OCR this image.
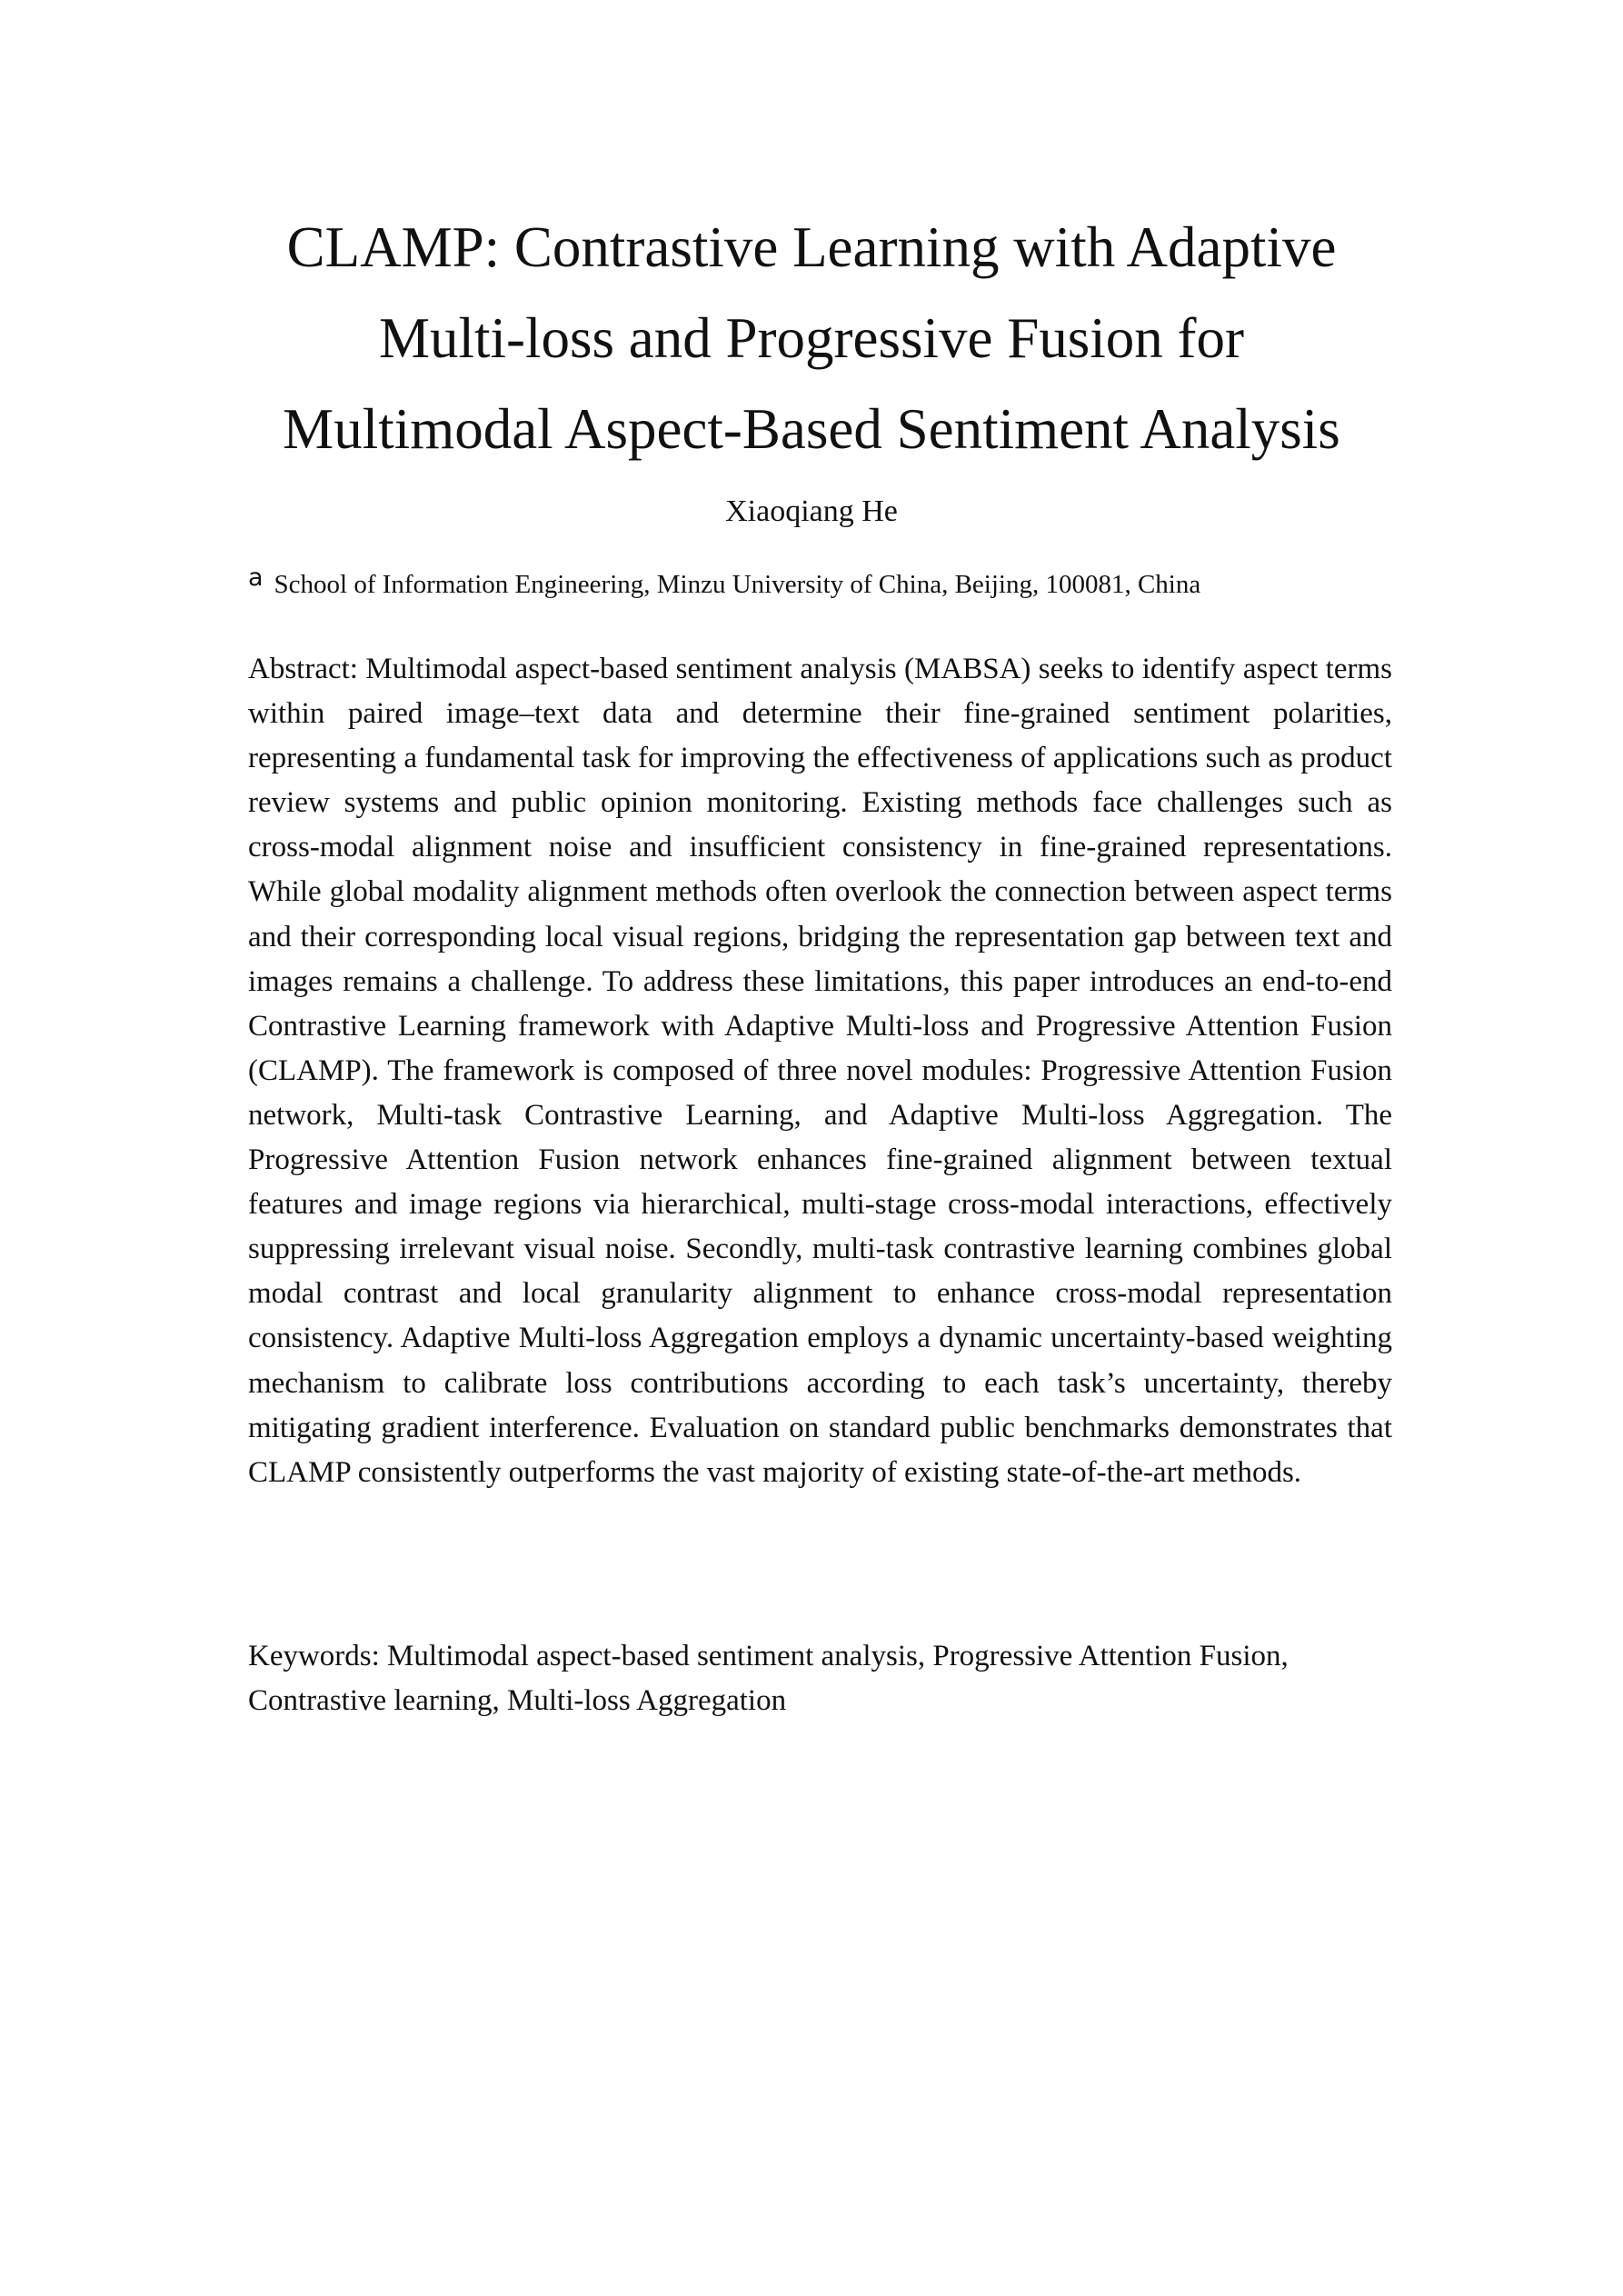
CLAMP: Contrastive Learning with Adaptive
Multi-loss and Progressive Fusion for
Multimodal Aspect-Based Sentiment Analysis
Xiaoqiang He
a School of Information Engineering, Minzu University of China, Beijing, 100081, China

Abstract: Multimodal aspect-based sentiment analysis (MABSA) seeks to identify aspect terms within paired image–text data and determine their fine-grained sentiment polarities, representing a fundamental task for improving the effectiveness of applications such as product review systems and public opinion monitoring. Existing methods face challenges such as cross-modal alignment noise and insufficient consistency in fine-grained representations. While global modality alignment methods often overlook the connection between aspect terms and their corresponding local visual regions, bridging the representation gap between text and images remains a challenge. To address these limitations, this paper introduces an end-to-end Contrastive Learning framework with Adaptive Multi-loss and Progressive Attention Fusion (CLAMP). The framework is composed of three novel modules: Progressive Attention Fusion network, Multi-task Contrastive Learning, and Adaptive Multi-loss Aggregation. The Progressive Attention Fusion network enhances fine-grained alignment between textual features and image regions via hierarchical, multi-stage cross-modal interactions, effectively suppressing irrelevant visual noise. Secondly, multi-task contrastive learning combines global modal contrast and local granularity alignment to enhance cross-modal representation consistency. Adaptive Multi-loss Aggregation employs a dynamic uncertainty-based weighting mechanism to calibrate loss contributions according to each task’s uncertainty, thereby mitigating gradient interference. Evaluation on standard public benchmarks demonstrates that CLAMP consistently outperforms the vast majority of existing state-of-the-art methods.

Keywords: Multimodal aspect-based sentiment analysis, Progressive Attention Fusion, Contrastive learning, Multi-loss Aggregation
